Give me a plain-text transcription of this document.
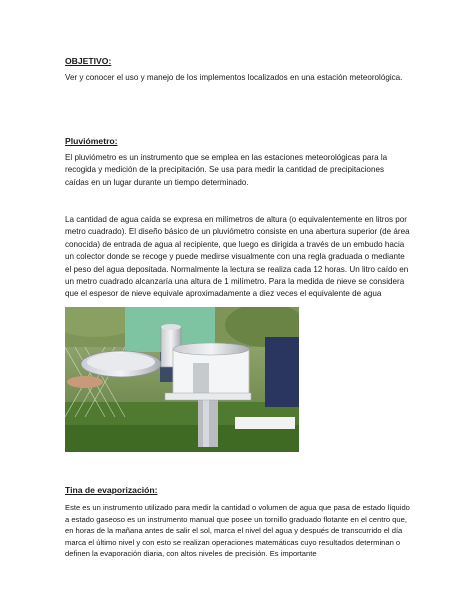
OBJETIVO:

Ver y conocer el uso y manejo de los implementos localizados en una estación meteorológica.

Pluviómetro:

El pluviómetro es un instrumento que se emplea en las estaciones meteorológicas para la recogida y medición de la precipitación. Se usa para medir la cantidad de precipitaciones caídas en un lugar durante un tiempo determinado.

La cantidad de agua caída se expresa en milímetros de altura (o equivalentemente en litros por metro cuadrado). El diseño básico de un pluviómetro consiste en una abertura superior (de área conocida) de entrada de agua al recipiente, que luego es dirigida a través de un embudo hacia un colector donde se recoge y puede medirse visualmente con una regla graduada o mediante el peso del agua depositada. Normalmente la lectura se realiza cada 12 horas. Un litro caído en un metro cuadrado alcanzaría una altura de 1 milímetro. Para la medida de nieve se considera que el espesor de nieve equivale aproximadamente a diez veces el equivalente de agua

Tina de evaporización:

Este es un instrumento utilizado para medir la cantidad o volumen de agua que pasa de estado líquido a estado gaseoso es un instrumento manual que posee un tornillo graduado flotante en el centro que, en horas de la mañana antes de salir el sol, marca el nivel del agua y después de transcurrido el día marca el último nivel y con esto se realizan operaciones matemáticas cuyo resultados determinan o definen la evaporación diaria, con altos niveles de precisión. Es importante
